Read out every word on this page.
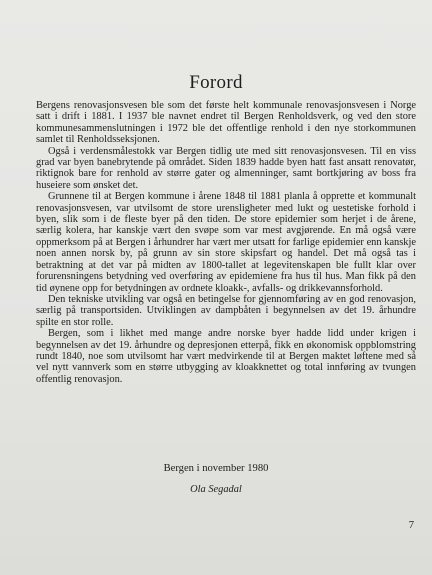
Forord

Bergens renovasjonsvesen ble som det første helt kommunale renovasjonsvesen i Norge satt i drift i 1881. I 1937 ble navnet endret til Bergen Renholdsverk, og ved den store kommunesammenslutningen i 1972 ble det offentlige renhold i den nye storkommunen samlet til Renholdsseksjonen.

Også i verdensmålestokk var Bergen tidlig ute med sitt renovasjonsvesen. Til en viss grad var byen banebrytende på området. Siden 1839 hadde byen hatt fast ansatt renovatør, riktignok bare for renhold av større gater og almenninger, samt bortkjøring av boss fra huseiere som ønsket det.

Grunnene til at Bergen kommune i årene 1848 til 1881 planla å opprette et kommunalt renovasjonsvesen, var utvilsomt de store urensligheter med lukt og uestetiske forhold i byen, slik som i de fleste byer på den tiden. De store epidemier som herjet i de årene, særlig kolera, har kanskje vært den svøpe som var mest avgjørende. En må også være oppmerksom på at Bergen i århundrer har vært mer utsatt for farlige epidemier enn kanskje noen annen norsk by, på grunn av sin store skipsfart og handel. Det må også tas i betraktning at det var på midten av 1800-tallet at legevitenskapen ble fullt klar over forurensningens betydning ved overføring av epidemiene fra hus til hus. Man fikk på den tid øynene opp for betydningen av ordnete kloakk-, avfalls- og drikkevannsforhold.

Den tekniske utvikling var også en betingelse for gjennomføring av en god renovasjon, særlig på transportsiden. Utviklingen av dampbåten i begynnelsen av det 19. århundre spilte en stor rolle.

Bergen, som i likhet med mange andre norske byer hadde lidd under krigen i begynnelsen av det 19. århundre og depresjonen etterpå, fikk en økonomisk oppblomstring rundt 1840, noe som utvilsomt har vært medvirkende til at Bergen maktet løftene med så vel nytt vannverk som en større utbygging av kloakknettet og total innføring av tvungen offentlig renovasjon.

Bergen i november 1980
Ola Segadal
7
